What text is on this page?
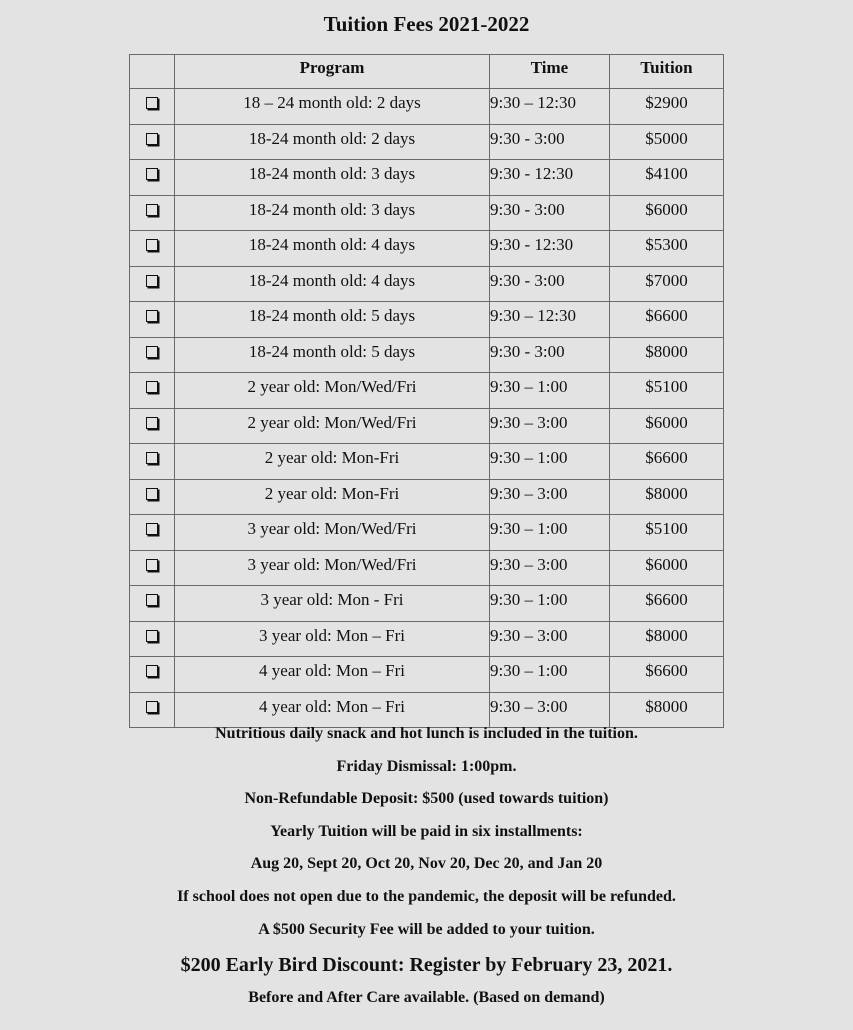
Tuition Fees 2021-2022
	Program	Time	Tuition
	18 – 24 month old: 2 days	9:30 – 12:30	$2900
	18-24 month old: 2 days	9:30 - 3:00	$5000
	18-24 month old: 3 days	9:30 - 12:30	$4100
	18-24 month old: 3 days	9:30 - 3:00	$6000
	18-24 month old: 4 days	9:30 - 12:30	$5300
	18-24 month old: 4 days	9:30 - 3:00	$7000
	18-24 month old: 5 days	9:30 – 12:30	$6600
	18-24 month old: 5 days	9:30 - 3:00	$8000
	2 year old: Mon/Wed/Fri	9:30 – 1:00	$5100
	2 year old: Mon/Wed/Fri	9:30 – 3:00	$6000
	2 year old: Mon-Fri	9:30 – 1:00	$6600
	2 year old: Mon-Fri	9:30 – 3:00	$8000
	3 year old: Mon/Wed/Fri	9:30 – 1:00	$5100
	3 year old: Mon/Wed/Fri	9:30 – 3:00	$6000
	3 year old: Mon - Fri	9:30 – 1:00	$6600
	3 year old: Mon – Fri	9:30 – 3:00	$8000
	4 year old: Mon – Fri	9:30 – 1:00	$6600
	4 year old: Mon – Fri	9:30 – 3:00	$8000

Nutritious daily snack and hot lunch is included in the tuition.

Friday Dismissal: 1:00pm.

Non-Refundable Deposit: $500 (used towards tuition)

Yearly Tuition will be paid in six installments:

Aug 20, Sept 20, Oct 20, Nov 20, Dec 20, and Jan 20

If school does not open due to the pandemic, the deposit will be refunded.

A $500 Security Fee will be added to your tuition.

$200 Early Bird Discount: Register by February 23, 2021.

Before and After Care available. (Based on demand)
